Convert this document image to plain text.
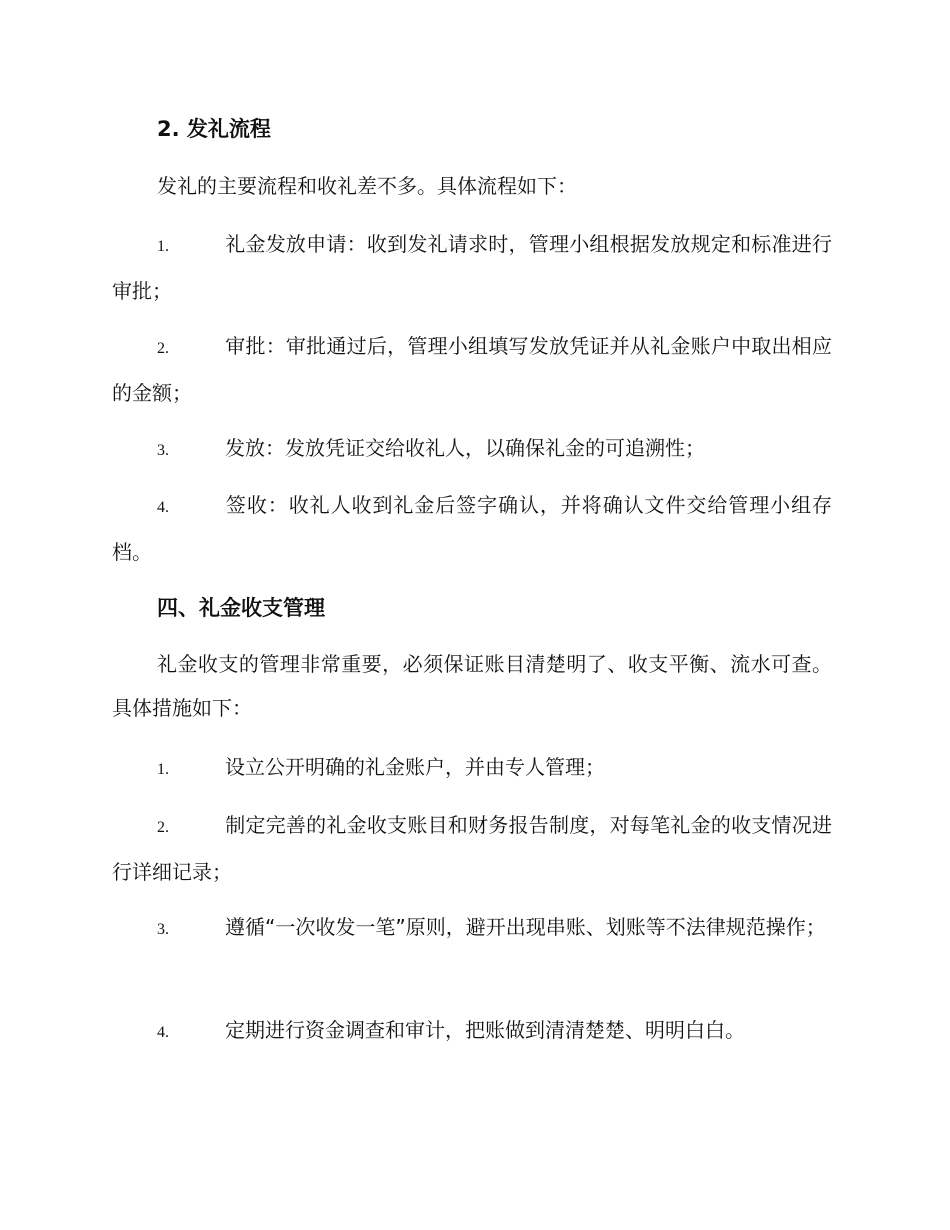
2. 发礼流程

发礼的主要流程和收礼差不多。具体流程如下：

1.	礼金发放申请：收到发礼请求时，管理小组根据发放规定和标准进行审批；

2.	审批：审批通过后，管理小组填写发放凭证并从礼金账户中取出相应的金额；

3.	发放：发放凭证交给收礼人，以确保礼金的可追溯性；

4.	签收：收礼人收到礼金后签字确认，并将确认文件交给管理小组存档。

四、礼金收支管理

礼金收支的管理非常重要，必须保证账目清楚明了、收支平衡、流水可查。具体措施如下：

1.	设立公开明确的礼金账户，并由专人管理；

2.	制定完善的礼金收支账目和财务报告制度，对每笔礼金的收支情况进行详细记录；

3.	遵循“一次收发一笔”原则，避开出现串账、划账等不法律规范操作；

4.	定期进行资金调查和审计，把账做到清清楚楚、明明白白。
